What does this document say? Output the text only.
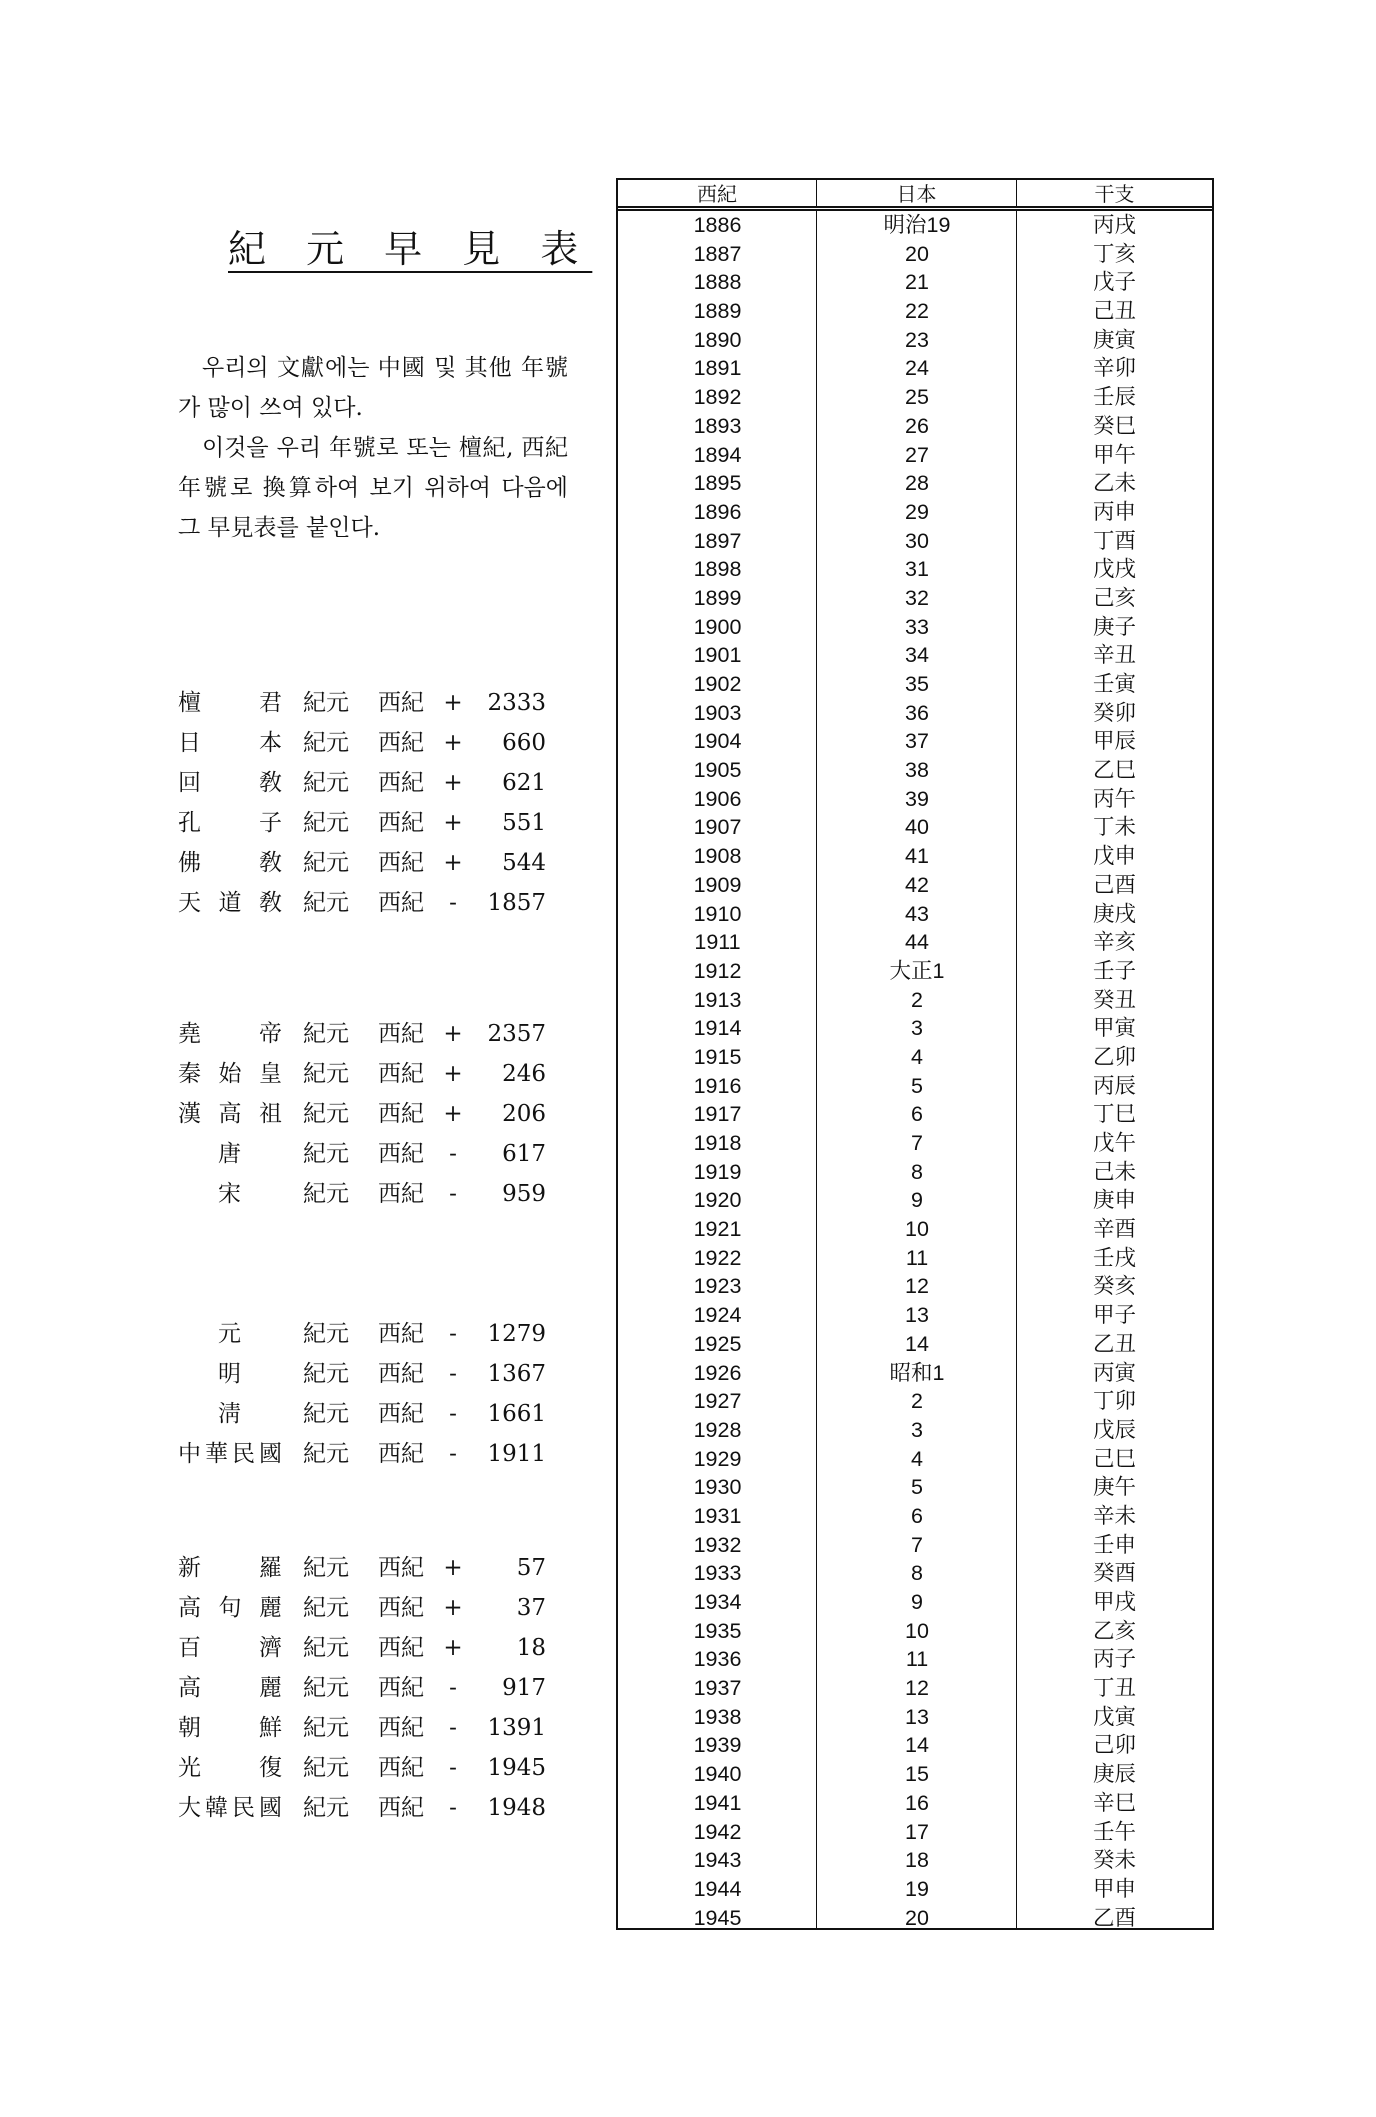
紀 元 早 見 表

우리의 文獻에는 中國 및 其他 年號가 많이 쓰여 있다.

이것을 우리 年號로 또는 檀紀, 西紀 年號로 換算하여 보기 위하여 다음에 그 早見表를 붙인다.

檀君 紀元 西紀 +	2333
日本 紀元 西紀 +	660
回敎 紀元 西紀 +	621
孔子 紀元 西紀 +	551
佛敎 紀元 西紀 +	544
天道敎 紀元 西紀	-	1857
堯帝 紀元 西紀 +	2357
秦始皇 紀元 西紀 +	246
漢高祖 紀元 西紀 +	206
唐	紀元 西紀	-	617
宋	紀元 西紀	-	959
元	紀元 西紀	-	1279
明	紀元 西紀	-	1367
淸	紀元 西紀	-	1661
中華民國 紀元 西紀	-	1911
新羅 紀元 西紀 +	57
高句麗 紀元 西紀 +	37
百濟 紀元 西紀 +	18
高麗 紀元 西紀	-	917
朝鮮 紀元 西紀	-	1391
光復 紀元 西紀	-	1945
大韓民國 紀元 西紀	-	1948
西紀	日本	干支
1886	明治19	丙戌
1887	20	丁亥
1888	21	戊子
1889	22	己丑
1890	23	庚寅
1891	24	辛卯
1892	25	壬辰
1893	26	癸巳
1894	27	甲午
1895	28	乙未
1896	29	丙申
1897	30	丁酉
1898	31	戊戌
1899	32	己亥
1900	33	庚子
1901	34	辛丑
1902	35	壬寅
1903	36	癸卯
1904	37	甲辰
1905	38	乙巳
1906	39	丙午
1907	40	丁未
1908	41	戊申
1909	42	己酉
1910	43	庚戌
1911	44	辛亥
1912	大正1	壬子
1913	2	癸丑
1914	3	甲寅
1915	4	乙卯
1916	5	丙辰
1917	6	丁巳
1918	7	戊午
1919	8	己未
1920	9	庚申
1921	10	辛酉
1922	11	壬戌
1923	12	癸亥
1924	13	甲子
1925	14	乙丑
1926	昭和1	丙寅
1927	2	丁卯
1928	3	戊辰
1929	4	己巳
1930	5	庚午
1931	6	辛未
1932	7	壬申
1933	8	癸酉
1934	9	甲戌
1935	10	乙亥
1936	11	丙子
1937	12	丁丑
1938	13	戊寅
1939	14	己卯
1940	15	庚辰
1941	16	辛巳
1942	17	壬午
1943	18	癸未
1944	19	甲申
1945	20	乙酉
